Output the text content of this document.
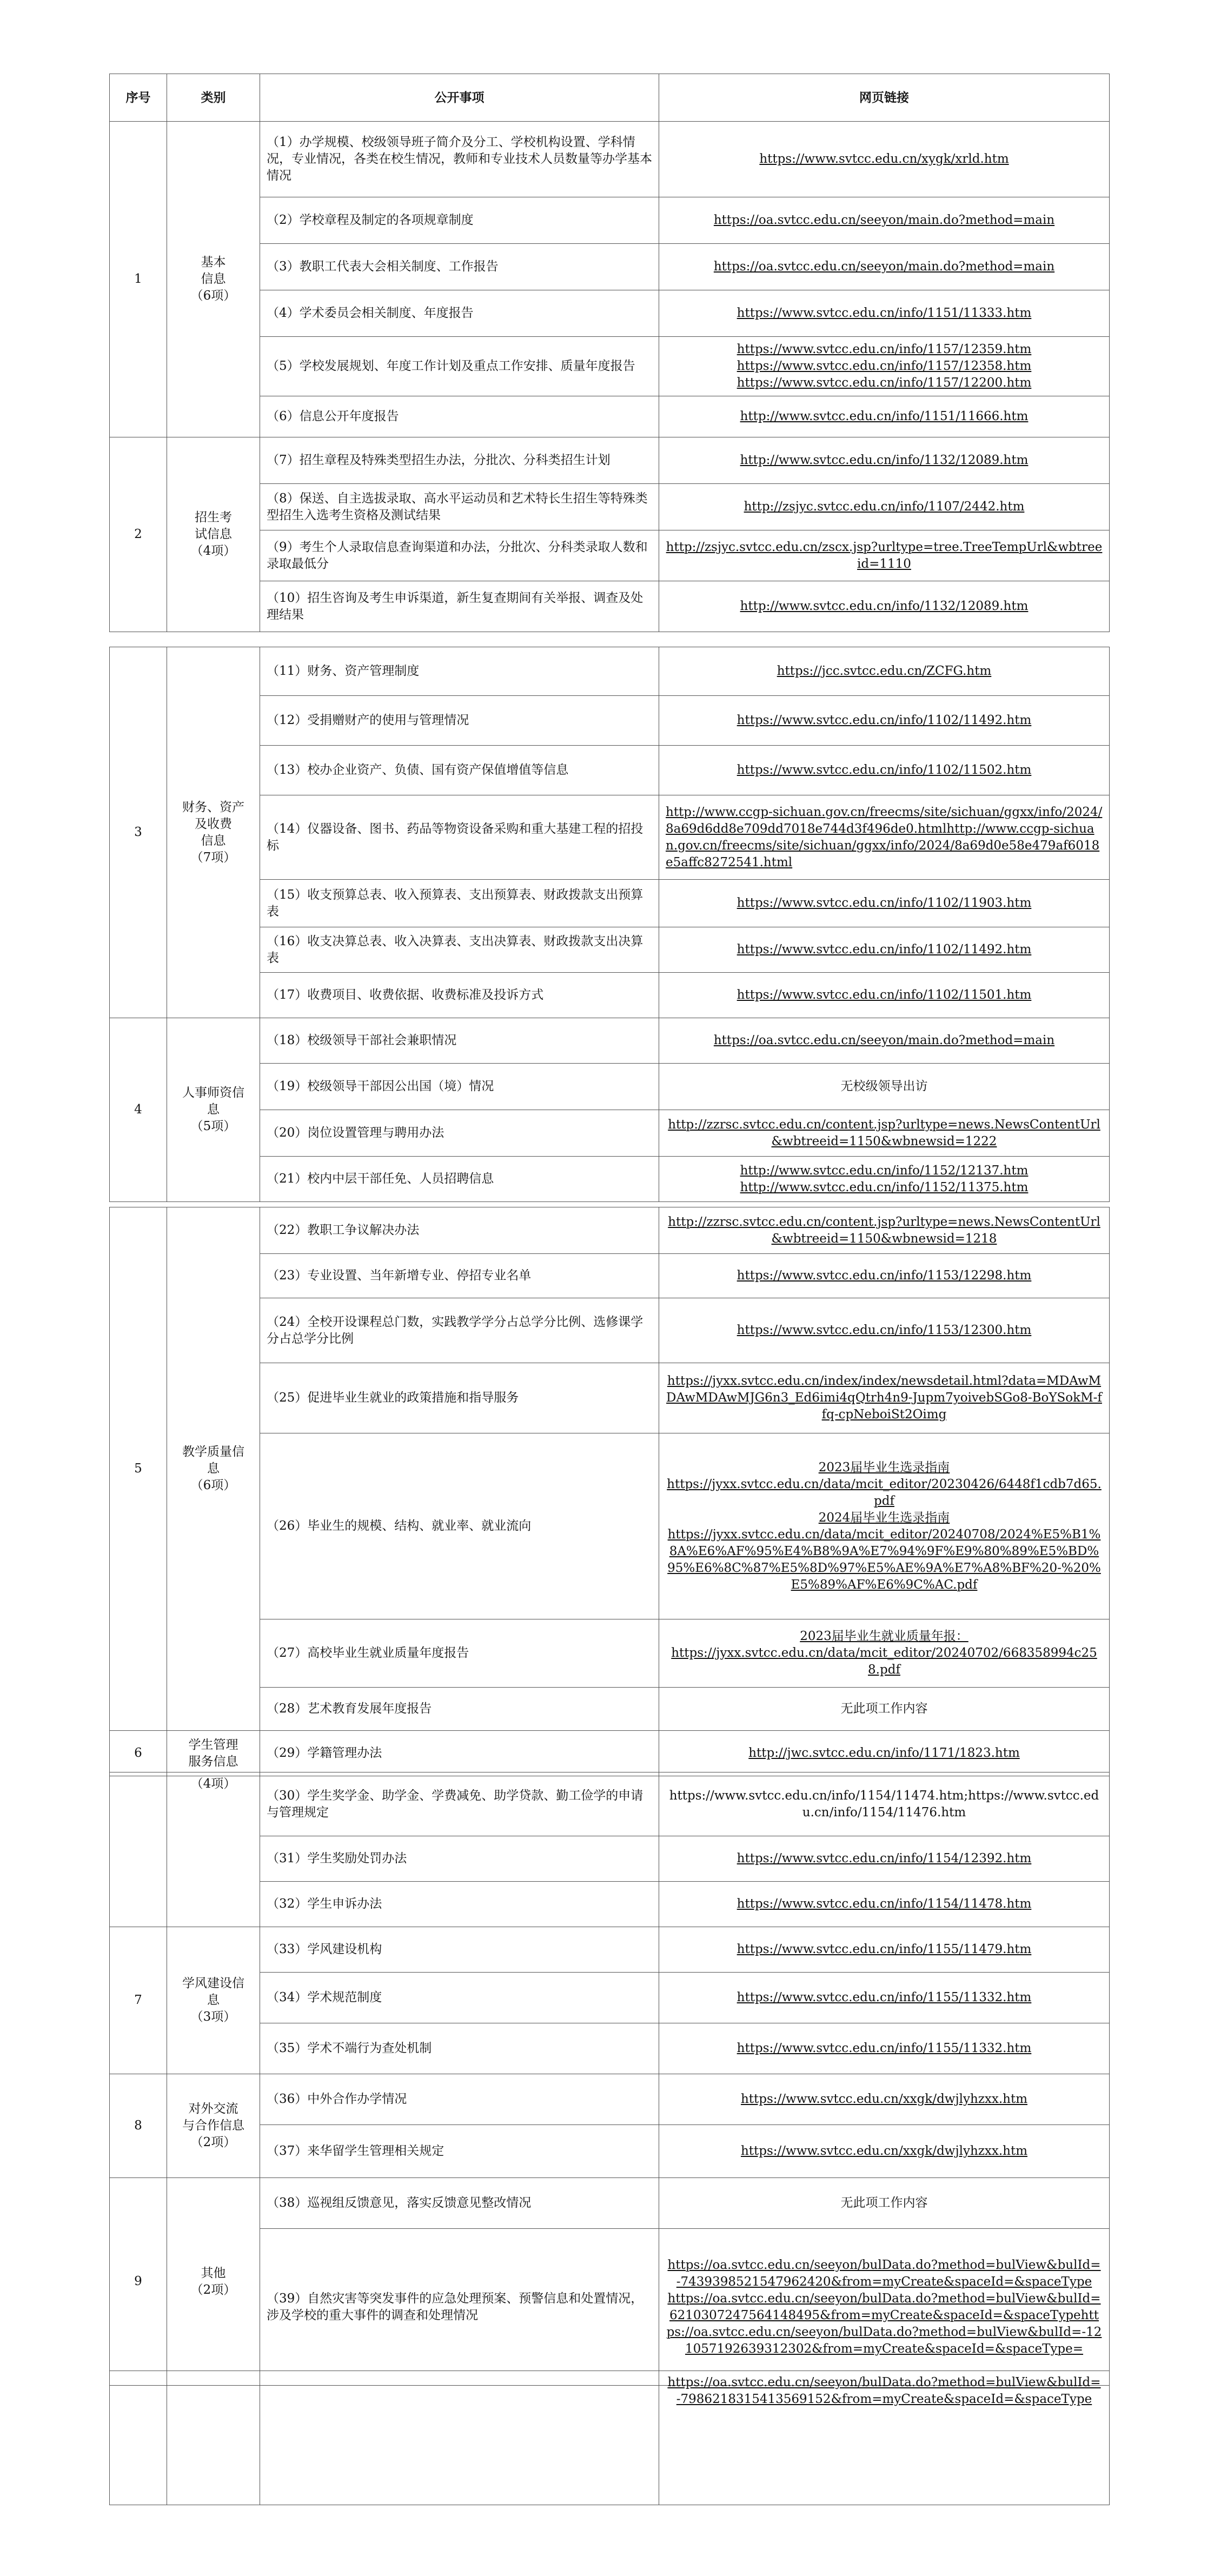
序号	类别	公开事项	网页链接
1	基本
信息
（6项）	（1）办学规模、校级领导班子简介及分工、学校机构设置、学科情况，专业情况，各类在校生情况，教师和专业技术人员数量等办学基本情况	https://www.svtcc.edu.cn/xygk/xrld.htm
		（2）学校章程及制定的各项规章制度	https://oa.svtcc.edu.cn/seeyon/main.do?method=main
		（3）教职工代表大会相关制度、工作报告	https://oa.svtcc.edu.cn/seeyon/main.do?method=main
		（4）学术委员会相关制度、年度报告	https://www.svtcc.edu.cn/info/1151/11333.htm
		（5）学校发展规划、年度工作计划及重点工作安排、质量年度报告	https://www.svtcc.edu.cn/info/1157/12359.htm
https://www.svtcc.edu.cn/info/1157/12358.htm
https://www.svtcc.edu.cn/info/1157/12200.htm
		（6）信息公开年度报告	http://www.svtcc.edu.cn/info/1151/11666.htm
2	招生考
试信息
（4项）	（7）招生章程及特殊类型招生办法，分批次、分科类招生计划	http://www.svtcc.edu.cn/info/1132/12089.htm
		（8）保送、自主选拔录取、高水平运动员和艺术特长生招生等特殊类型招生入选考生资格及测试结果	http://zsjyc.svtcc.edu.cn/info/1107/2442.htm
		（9）考生个人录取信息查询渠道和办法，分批次、分科类录取人数和录取最低分	http://zsjyc.svtcc.edu.cn/zscx.jsp?urltype=tree.TreeTempUrl&wbtreeid=1110
		（10）招生咨询及考生申诉渠道，新生复查期间有关举报、调查及处理结果	http://www.svtcc.edu.cn/info/1132/12089.htm
3	财务、资产
及收费
信息
（7项）	（11）财务、资产管理制度	https://jcc.svtcc.edu.cn/ZCFG.htm
		（12）受捐赠财产的使用与管理情况	https://www.svtcc.edu.cn/info/1102/11492.htm
		（13）校办企业资产、负债、国有资产保值增值等信息	https://www.svtcc.edu.cn/info/1102/11502.htm
		（14）仪器设备、图书、药品等物资设备采购和重大基建工程的招投标	http://www.ccgp-sichuan.gov.cn/freecms/site/sichuan/ggxx/info/2024/8a69d6dd8e709dd7018e744d3f496de0.htmlhttp://www.ccgp-sichuan.gov.cn/freecms/site/sichuan/ggxx/info/2024/8a69d0e58e479af6018e5affc8272541.html
		（15）收支预算总表、收入预算表、支出预算表、财政拨款支出预算表	https://www.svtcc.edu.cn/info/1102/11903.htm
		（16）收支决算总表、收入决算表、支出决算表、财政拨款支出决算表	https://www.svtcc.edu.cn/info/1102/11492.htm
		（17）收费项目、收费依据、收费标准及投诉方式	https://www.svtcc.edu.cn/info/1102/11501.htm
4	人事师资信
息
（5项）	（18）校级领导干部社会兼职情况	https://oa.svtcc.edu.cn/seeyon/main.do?method=main
		（19）校级领导干部因公出国（境）情况	无校级领导出访
		（20）岗位设置管理与聘用办法	http://zzrsc.svtcc.edu.cn/content.jsp?urltype=news.NewsContentUrl&wbtreeid=1150&wbnewsid=1222
		（21）校内中层干部任免、人员招聘信息	http://www.svtcc.edu.cn/info/1152/12137.htm
http://www.svtcc.edu.cn/info/1152/11375.htm
5	教学质量信
息
（6项）	（22）教职工争议解决办法	http://zzrsc.svtcc.edu.cn/content.jsp?urltype=news.NewsContentUrl&wbtreeid=1150&wbnewsid=1218
		（23）专业设置、当年新增专业、停招专业名单	https://www.svtcc.edu.cn/info/1153/12298.htm
		（24）全校开设课程总门数，实践教学学分占总学分比例、选修课学分占总学分比例	https://www.svtcc.edu.cn/info/1153/12300.htm
		（25）促进毕业生就业的政策措施和指导服务	https://jyxx.svtcc.edu.cn/index/index/newsdetail.html?data=MDAwMDAwMDAwMJG6n3_Ed6imi4qQtrh4n9-Jupm7yoivebSGo8-BoYSokM-ffq-cpNeboiSt2Oimg
		（26）毕业生的规模、结构、就业率、就业流向	2023届毕业生选录指南
https://jyxx.svtcc.edu.cn/data/mcit_editor/20230426/6448f1cdb7d65.pdf
2024届毕业生选录指南
https://jyxx.svtcc.edu.cn/data/mcit_editor/20240708/2024%E5%B1%8A%E6%AF%95%E4%B8%9A%E7%94%9F%E9%80%89%E5%BD%95%E6%8C%87%E5%8D%97%E5%AE%9A%E7%A8%BF%20-%20%E5%89%AF%E6%9C%AC.pdf
		（27）高校毕业生就业质量年度报告	2023届毕业生就业质量年报：
https://jyxx.svtcc.edu.cn/data/mcit_editor/20240702/668358994c258.pdf
		（28）艺术教育发展年度报告	无此项工作内容
6	学生管理
服务信息	（29）学籍管理办法	http://jwc.svtcc.edu.cn/info/1171/1823.htm
	（4项）	（30）学生奖学金、助学金、学费减免、助学贷款、勤工俭学的申请与管理规定	https://www.svtcc.edu.cn/info/1154/11474.htm;https://www.svtcc.edu.cn/info/1154/11476.htm
		（31）学生奖励处罚办法	https://www.svtcc.edu.cn/info/1154/12392.htm
		（32）学生申诉办法	https://www.svtcc.edu.cn/info/1154/11478.htm
7	学风建设信
息
（3项）	（33）学风建设机构	https://www.svtcc.edu.cn/info/1155/11479.htm
		（34）学术规范制度	https://www.svtcc.edu.cn/info/1155/11332.htm
		（35）学术不端行为查处机制	https://www.svtcc.edu.cn/info/1155/11332.htm
8	对外交流
与合作信息
（2项）	（36）中外合作办学情况	https://www.svtcc.edu.cn/xxgk/dwjlyhzxx.htm
		（37）来华留学生管理相关规定	https://www.svtcc.edu.cn/xxgk/dwjlyhzxx.htm
9	其他
（2项）	（38）巡视组反馈意见，落实反馈意见整改情况	无此项工作内容
		（39）自然灾害等突发事件的应急处理预案、预警信息和处置情况，涉及学校的重大事件的调查和处理情况	https://oa.svtcc.edu.cn/seeyon/bulData.do?method=bulView&bulId=-7439398521547962420&from=myCreate&spaceId=&spaceType
https://oa.svtcc.edu.cn/seeyon/bulData.do?method=bulView&bulId=6210307247564148495&from=myCreate&spaceId=&spaceTypehttps://oa.svtcc.edu.cn/seeyon/bulData.do?method=bulView&bulId=-121057192639312302&from=myCreate&spaceId=&spaceType=
			https://oa.svtcc.edu.cn/seeyon/bulData.do?method=bulView&bulId=-7986218315413569152&from=myCreate&spaceId=&spaceType
